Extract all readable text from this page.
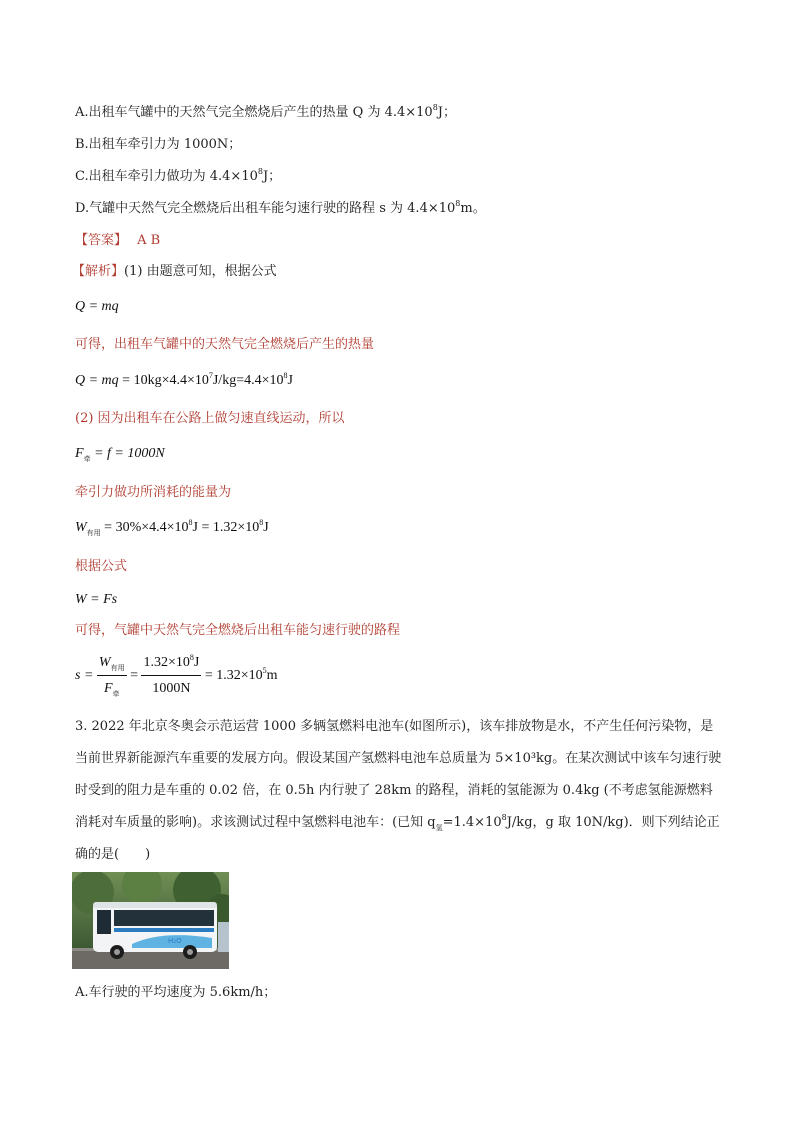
A.出租车气罐中的天然气完全燃烧后产生的热量 Q 为 $4.4\times 10^8J$；
B.出租车牵引力为 1000N；
C.出租车牵引力做功为 $4.4\times 10^8J$；
D.气罐中天然气完全燃烧后出租车能匀速行驶的路程 s 为 $4.4\times 10^8m$。
【答案】 A B
【解析】(1) 由题意可知，根据公式
Q = mq
可得，出租车气罐中的天然气完全燃烧后产生的热量
Q = mq = $10kg\times 4.4\times 10^7J/kg=4.4\times 10^8J$
(2) 因为出租车在公路上做匀速直线运动，所以
$F_牵 = f = 1000N$
牵引力做功所消耗的能量为
$W_{有用} = 30\%\times 4.4\times 10^8J = 1.32\times 10^8J$
根据公式
W = Fs
可得，气罐中天然气完全燃烧后出租车能匀速行驶的路程
$s = \frac{W_{有用}}{F_牵} = \frac{1.32\times 10^8J}{1000N} = 1.32\times 10^5m$
3. 2022 年北京冬奥会示范运营 1000 多辆氢燃料电池车(如图所示)，该车排放物是水，不产生任何污染物，是当前世界新能源汽车重要的发展方向。假设某国产氢燃料电池车总质量为 5×10³kg。在某次测试中该车匀速行驶时受到的阻力是车重的 0.02 倍，在 0.5h 内行驶了 28km 的路程，消耗的氢能源为 0.4kg (不考虑氢能源燃料消耗对车质量的影响)。求该测试过程中氢燃料电池车：(已知 $q_氢=1.4\times 10^8J/kg$，g 取 10N/kg)．则下列结论正确的是(　　)
H₂O
A.车行驶的平均速度为 5.6km/h；
